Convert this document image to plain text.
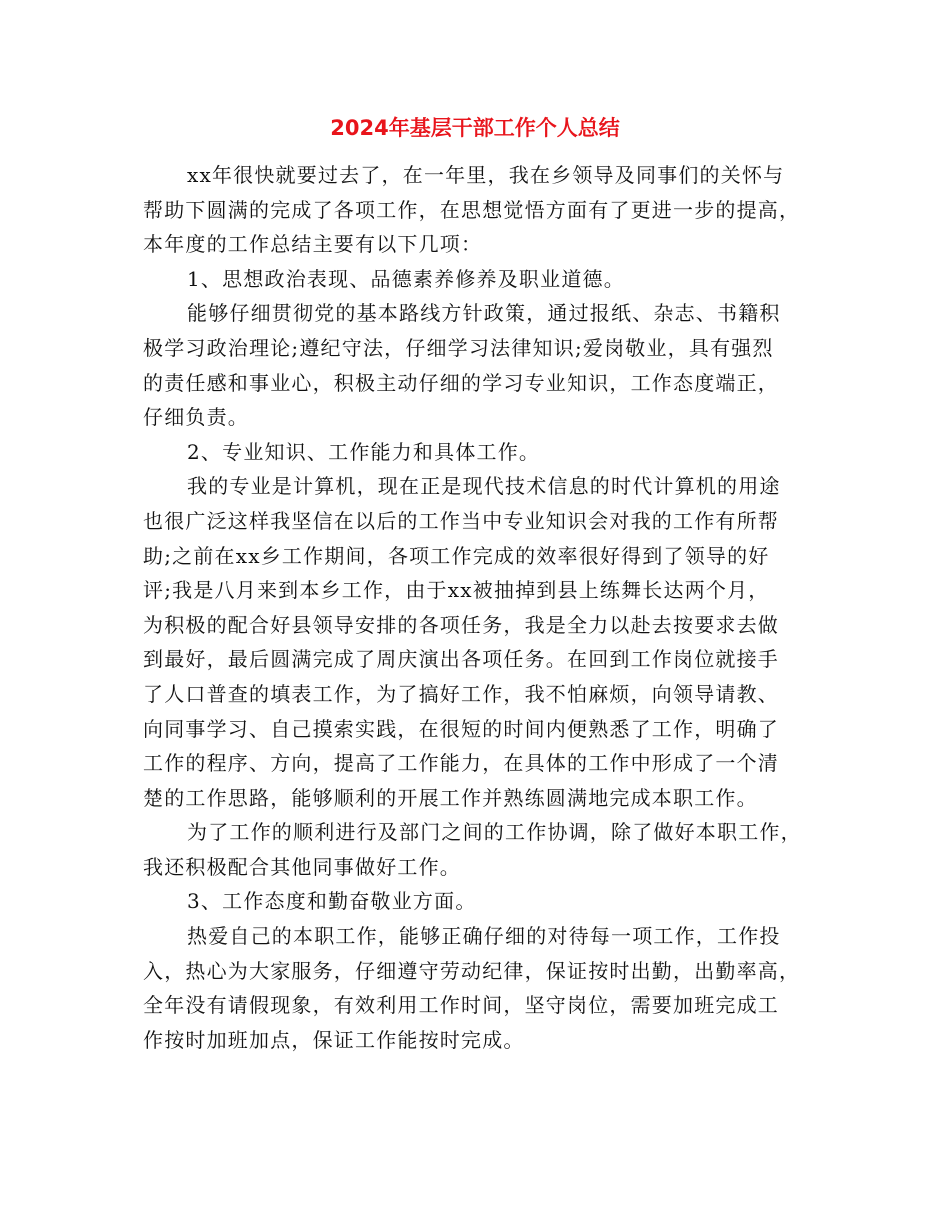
2024年基层干部工作个人总结
xx年很快就要过去了，在一年里，我在乡领导及同事们的关怀与
帮助下圆满的完成了各项工作，在思想觉悟方面有了更进一步的提高，
本年度的工作总结主要有以下几项：
1、思想政治表现、品德素养修养及职业道德。
能够仔细贯彻党的基本路线方针政策，通过报纸、杂志、书籍积
极学习政治理论;遵纪守法，仔细学习法律知识;爱岗敬业，具有强烈
的责任感和事业心，积极主动仔细的学习专业知识，工作态度端正，
仔细负责。
2、专业知识、工作能力和具体工作。
我的专业是计算机，现在正是现代技术信息的时代计算机的用途
也很广泛这样我坚信在以后的工作当中专业知识会对我的工作有所帮
助;之前在xx乡工作期间，各项工作完成的效率很好得到了领导的好
评;我是八月来到本乡工作，由于xx被抽掉到县上练舞长达两个月，
为积极的配合好县领导安排的各项任务，我是全力以赴去按要求去做
到最好，最后圆满完成了周庆演出各项任务。在回到工作岗位就接手
了人口普查的填表工作，为了搞好工作，我不怕麻烦，向领导请教、
向同事学习、自己摸索实践，在很短的时间内便熟悉了工作，明确了
工作的程序、方向，提高了工作能力，在具体的工作中形成了一个清
楚的工作思路，能够顺利的开展工作并熟练圆满地完成本职工作。
为了工作的顺利进行及部门之间的工作协调，除了做好本职工作，
我还积极配合其他同事做好工作。
3、工作态度和勤奋敬业方面。
热爱自己的本职工作，能够正确仔细的对待每一项工作，工作投
入，热心为大家服务，仔细遵守劳动纪律，保证按时出勤，出勤率高，
全年没有请假现象，有效利用工作时间，坚守岗位，需要加班完成工
作按时加班加点，保证工作能按时完成。
